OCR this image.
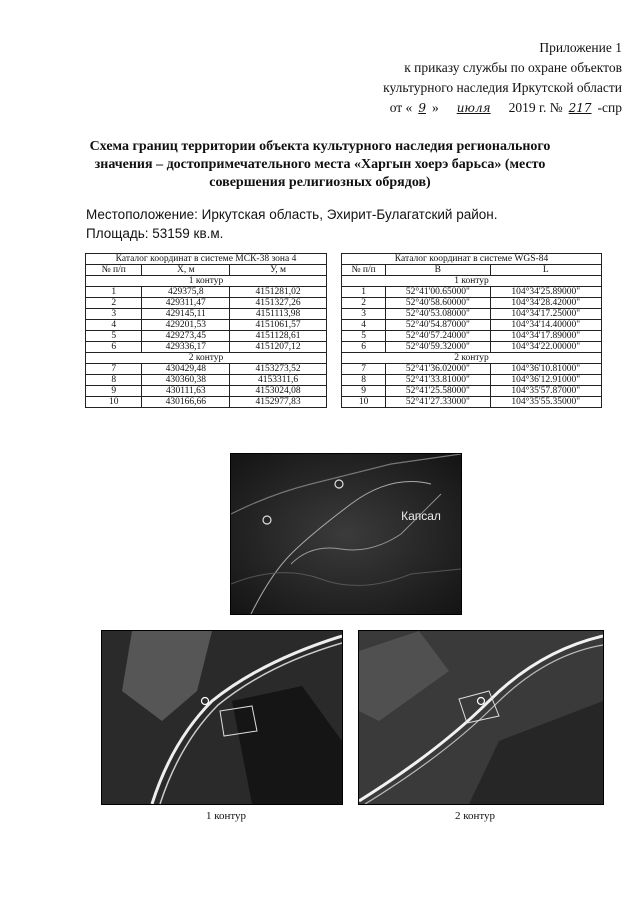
Приложение 1
к приказу службы по охране объектов
культурного наследия Иркутской области
от « 9 » июля 2019 г. № 217 -спр
Схема границ территории объекта культурного наследия регионального значения – достопримечательного места «Харгын хоерэ барьса» (место совершения религиозных обрядов)
Местоположение: Иркутская область, Эхирит-Булагатский район.
Площадь: 53159 кв.м.
Каталог координат в системе МСК-38 зона 4		
№ п/п	X, м	У, м
1 контур		
1	429375,8	4151281,02
2	429311,47	4151327,26
3	429145,11	4151113,98
4	429201,53	4151061,57
5	429273,45	4151128,61
6	429336,17	4151207,12
2 контур		
7	430429,48	4153273,52
8	430360,38	4153311,6
9	430111,63	4153024,08
10	430166,66	4152977,83
Каталог координат в системе WGS-84		
№ п/п	B	L
1 контур		
1	52°41'00.65000"	104°34'25.89000"
2	52°40'58.60000"	104°34'28.42000"
3	52°40'53.08000"	104°34'17.25000"
4	52°40'54.87000"	104°34'14.40000"
5	52°40'57.24000"	104°34'17.89000"
6	52°40'59.32000"	104°34'22.00000"
2 контур		
7	52°41'36.02000"	104°36'10.81000"
8	52°41'33.81000"	104°36'12.91000"
9	52°41'25.58000"	104°35'57.87000"
10	52°41'27.33000"	104°35'55.35000"
Капсал
1 контур	2 контур
